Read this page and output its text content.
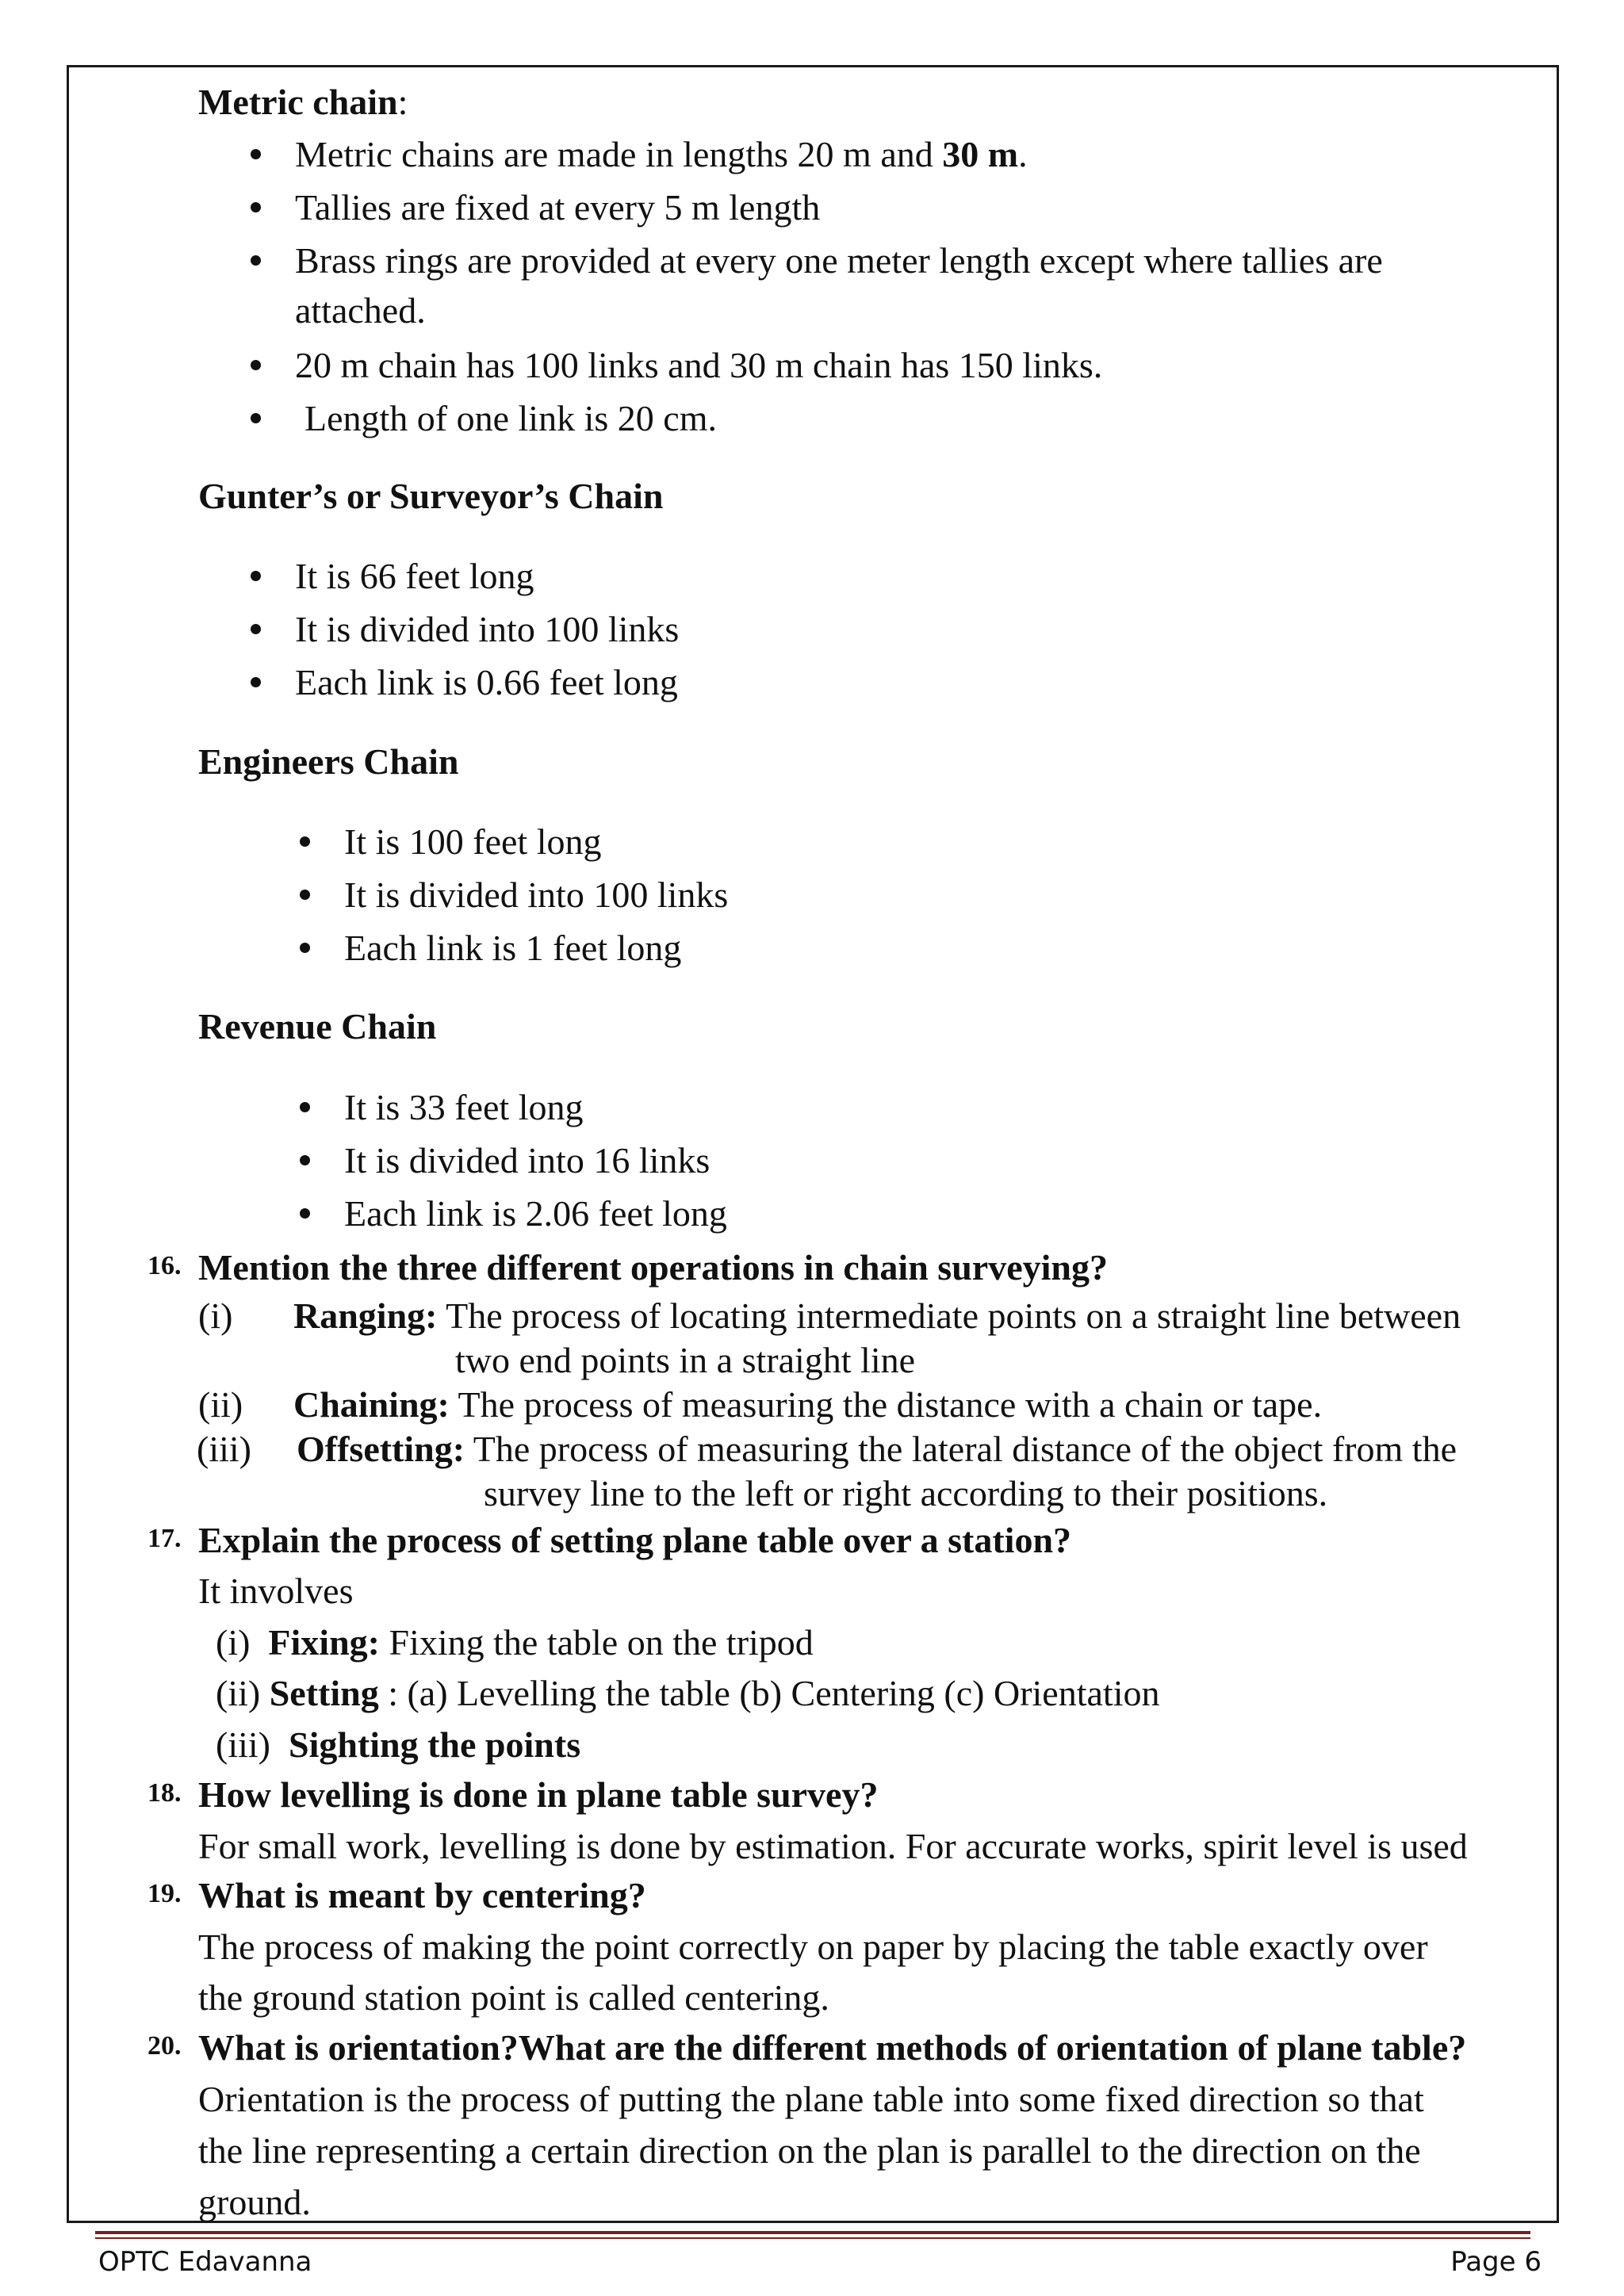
Metric chain:
Metric chains are made in lengths 20 m and 30 m.
Tallies are fixed at every 5 m length
Brass rings are provided at every one meter length except where tallies are
attached.
20 m chain has 100 links and 30 m chain has 150 links.
Length of one link is 20 cm.
Gunter’s or Surveyor’s Chain
It is 66 feet long
It is divided into 100 links
Each link is 0.66 feet long
Engineers Chain
It is 100 feet long
It is divided into 100 links
Each link is 1 feet long
Revenue Chain
It is 33 feet long
It is divided into 16 links
Each link is 2.06 feet long
16. Mention the three different operations in chain surveying?
(i) Ranging: The process of locating intermediate points on a straight line between
two end points in a straight line
(ii) Chaining: The process of measuring the distance with a chain or tape.
(iii) Offsetting: The process of measuring the lateral distance of the object from the
survey line to the left or right according to their positions.
17. Explain the process of setting plane table over a station?
It involves
(i) Fixing: Fixing the table on the tripod
(ii) Setting : (a) Levelling the table (b) Centering (c) Orientation
(iii) Sighting the points
18. How levelling is done in plane table survey?
For small work, levelling is done by estimation. For accurate works, spirit level is used
19. What is meant by centering?
The process of making the point correctly on paper by placing the table exactly over
the ground station point is called centering.
20. What is orientation?What are the different methods of orientation of plane table?
Orientation is the process of putting the plane table into some fixed direction so that
the line representing a certain direction on the plan is parallel to the direction on the
ground.
OPTC Edavanna	Page 6
